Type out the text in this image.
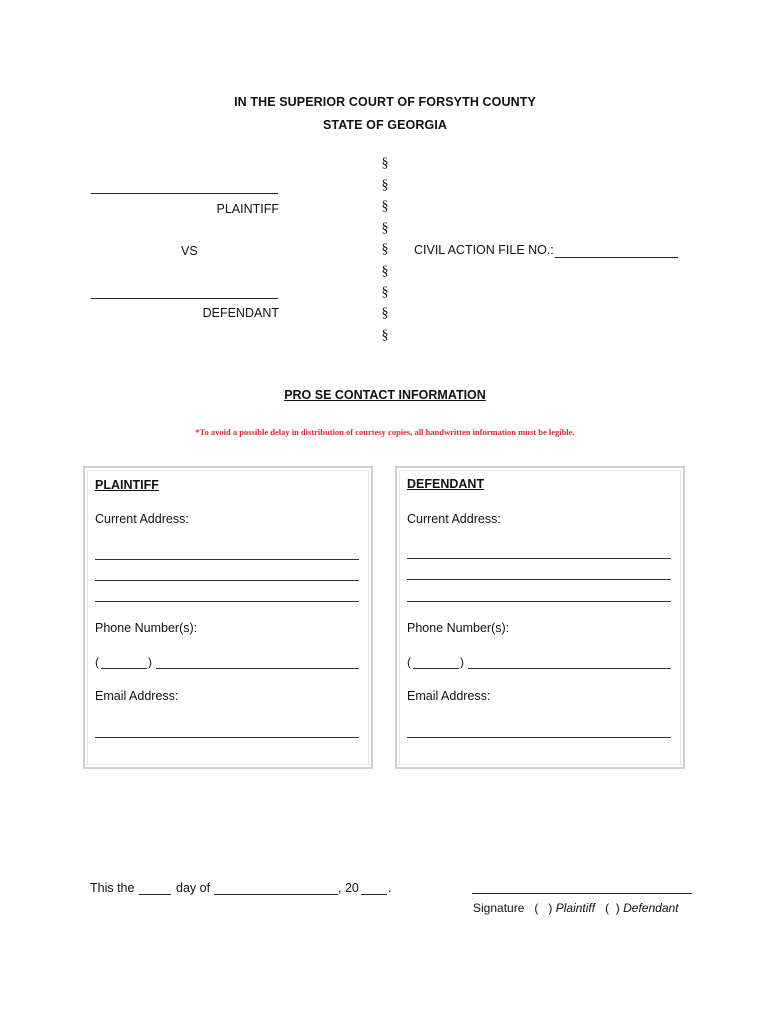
IN THE SUPERIOR COURT OF FORSYTH COUNTY
STATE OF GEORGIA
§
§
§
§
§
§
§
§
§
PLAINTIFF
VS
DEFENDANT
CIVIL ACTION FILE NO.:
PRO SE CONTACT INFORMATION
*To avoid a possible delay in distribution of courtesy copies, all handwritten information must be legible.
PLAINTIFF
Current Address:
Phone Number(s):
(	)
Email Address:
DEFENDANT
Current Address:
Phone Number(s):
(	)
Email Address:
This the	day of	, 20 .
Signature (   ) Plaintiff (  ) Defendant
